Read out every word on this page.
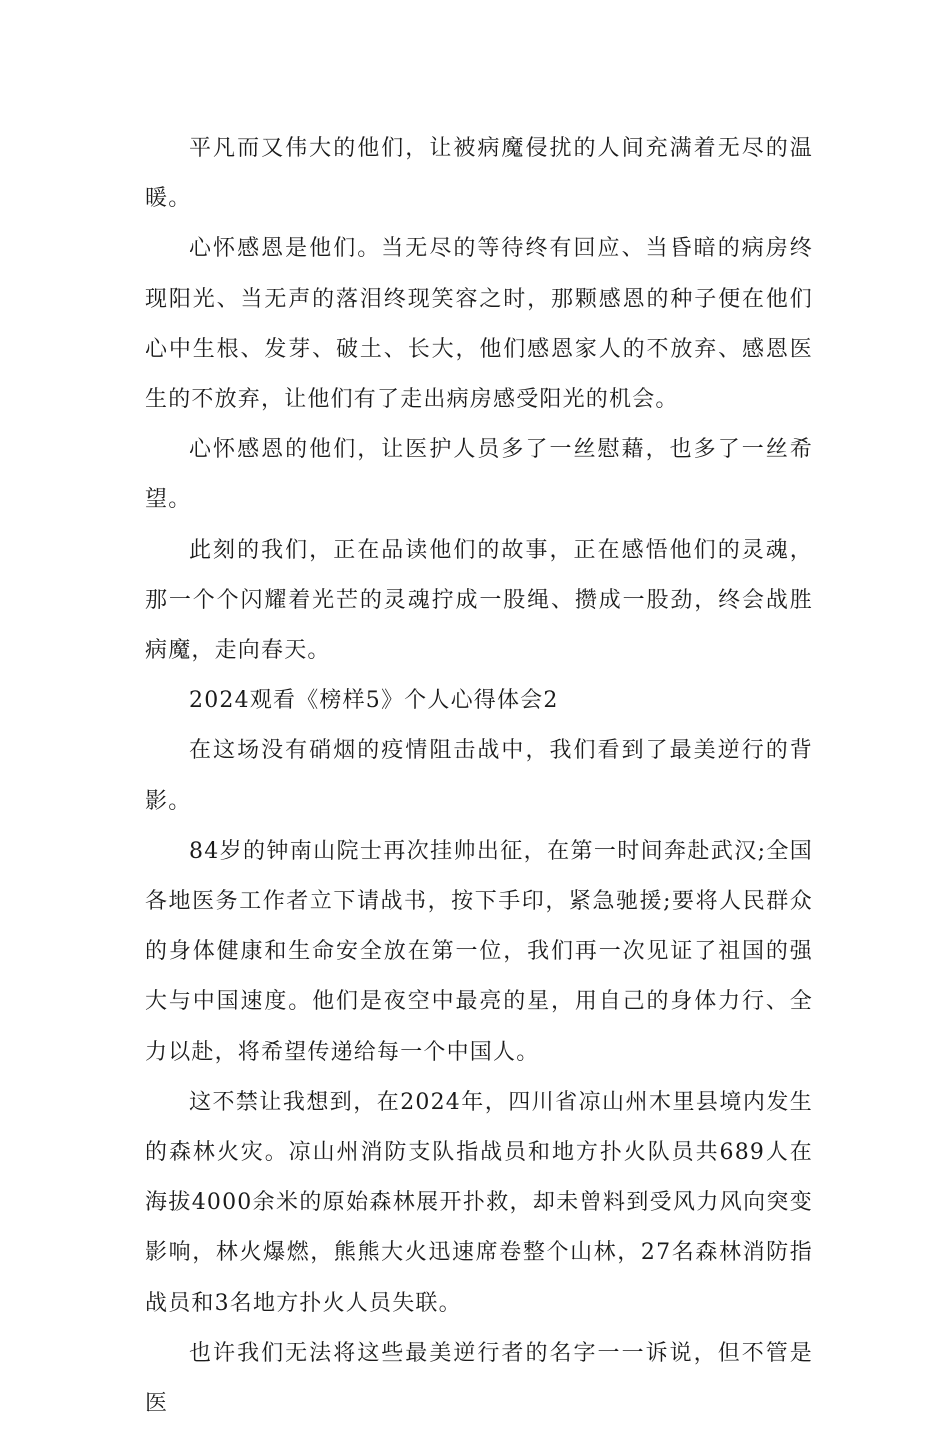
平凡而又伟大的他们，让被病魔侵扰的人间充满着无尽的温暖。

心怀感恩是他们。当无尽的等待终有回应、当昏暗的病房终现阳光、当无声的落泪终现笑容之时，那颗感恩的种子便在他们心中生根、发芽、破土、长大，他们感恩家人的不放弃、感恩医生的不放弃，让他们有了走出病房感受阳光的机会。

心怀感恩的他们，让医护人员多了一丝慰藉，也多了一丝希望。

此刻的我们，正在品读他们的故事，正在感悟他们的灵魂，那一个个闪耀着光芒的灵魂拧成一股绳、攒成一股劲，终会战胜病魔，走向春天。

2024观看《榜样5》个人心得体会2

在这场没有硝烟的疫情阻击战中，我们看到了最美逆行的背影。

84岁的钟南山院士再次挂帅出征，在第一时间奔赴武汉;全国各地医务工作者立下请战书，按下手印，紧急驰援;要将人民群众的身体健康和生命安全放在第一位，我们再一次见证了祖国的强大与中国速度。他们是夜空中最亮的星，用自己的身体力行、全力以赴，将希望传递给每一个中国人。

这不禁让我想到，在2024年，四川省凉山州木里县境内发生的森林火灾。凉山州消防支队指战员和地方扑火队员共689人在海拔4000余米的原始森林展开扑救，却未曾料到受风力风向突变影响，林火爆燃，熊熊大火迅速席卷整个山林，27名森林消防指战员和3名地方扑火人员失联。

也许我们无法将这些最美逆行者的名字一一诉说，但不管是医
